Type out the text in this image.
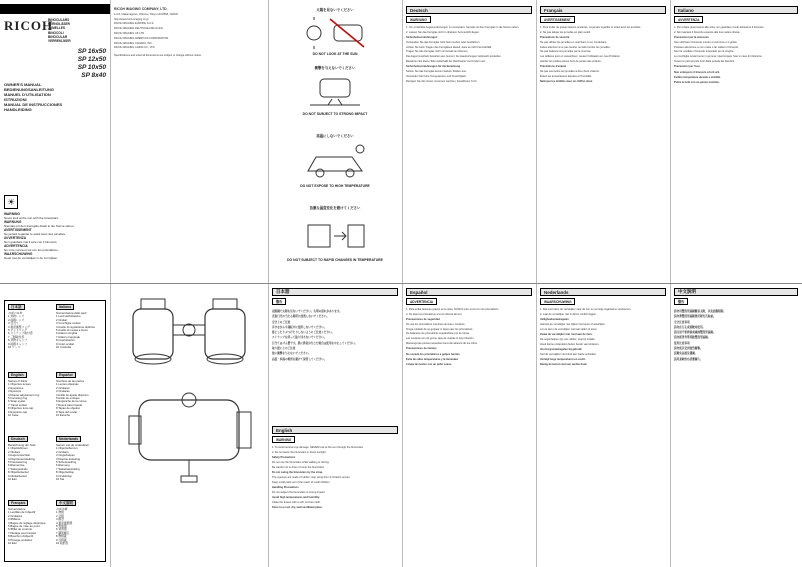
RICOH
BINOCULARS
FERNGLÄSER
JUMELLES
BINOCOLI
BINOCULAR
VERREKIJKER
SP 16x50
SP 12x50
SP 10x50
SP 8x40
OWNER'S MANUAL
BEDIENUNGSANLEITUNG
MANUEL D'UTILISATION
ISTRUZIONI
MANUAL DE INSTRUCCIONES
HANDLEIDING
☀
WARNING
Never look at the sun with the binoculars.
WARNUNG
Niemals mit dem Fernglas direkt in die Sonne sehen.
AVERTISSEMENT
Ne jamais regarder le soleil avec des jumelles.
AVVERTENZA
Non guardare mai il sole con il binocolo.
ADVERTENCIA
No mire nunca el sol con los prismáticos.
WAARSCHUWING
Nooit met de verrekijker in de zon kijken.
日本語
各部の名称
1 対物レンズ
2 接眼レンズ
3 目当て
4 視度調整リング
5 ピントリング
6 ストラップ取付部
7 三脚取付部
8 対物キャップ
9 接眼キャップ
10 ケース
Italiano
Nomenclatura delle parti
1 Lenti dell'obiettivo
2 Oculari
3 Conchiglie oculari
4 Anello di regolazione diottrica
5 Anello di messa a fuoco
6 Attacco cinghia
7 Attacco treppiede
8 Copriobiettivi
9 Copri-oculari
10 Custodia
English
Names of Parts
1 Objective lenses
2 Eyepieces
3 Eyecups
4 Diopter adjustment ring
5 Focusing ring
6 Strap eyelet
7 Tripod socket
8 Objective lens cap
9 Eyepiece cap
10 Case
Español
Nombres de las partes
1 Lentes objetivas
2 Oculares
3 Ocularas
4 Anillo de ajuste dióptrico
5 Anillo de enfoque
6 Enganche de la correa
7 Rosca para trípode
8 Tapas de objetivo
9 Tapa del ocular
10 Estuche
Deutsch
Bezeichnung der Teile
1 Objektivlinsen
2 Okulare
3 Augenmuscheln
4 Dioptrieneinstellring
5 Fokussierring
6 Riemenöse
7 Stativgewinde
8 Objektivdeckel
9 Okulardeckel
10 Etui
Nederlands
Namen van de onderdelen
1 Objectieflenzen
2 Oculairs
3 Oogschelpen
4 Dioptrie-instelring
5 Scherpstelring
6 Riemoog
7 Statiefaansluiting
8 Objectiefdop
9 Oculairdop
10 Tas
Français
Nomenclature
1 Lentilles de l'objectif
2 Oculaires
3 Œillères
4 Bague de réglage dioptrique
5 Bague de mise au point
6 Œillet de courroie
7 Filetage pour trépied
8 Bouchon d'objectif
9 Protège-oculaires
10 Étui
中文說明
各部名稱
1 物鏡
2 目鏡
3 眼罩
4 視度調節環
5 對焦環
6 背帶環
7 腳架螺孔
8 物鏡蓋
9 目鏡蓋
10 收納包

RICOH IMAGING COMPANY, LTD.

1-3-6, Nakamagome, Ohta-ku, Tokyo 143-8555, JAPAN

http://www.ricoh-imaging.co.jp

RICOH IMAGING EUROPE S.A.S.

RICOH IMAGING DEUTSCHLAND GmbH

RICOH IMAGING UK LTD.

RICOH IMAGING AMERICAS CORPORATION

RICOH IMAGING CANADA, INC.

RICOH IMAGING CHINA CO., LTD.

Specifications and external dimensions are subject to change without notice.

太陽を見ないでください
DO NOT LOOK AT THE SUN
衝撃を与えないでください
DO NOT SUBJECT TO STRONG IMPACT
高温にしないでください
DO NOT EXPOSE TO HIGH TEMPERATURE
急激な温度変化を避けてください
DO NOT SUBJECT TO RAPID CHANGES IN TEMPERATURE
日本語
警告

双眼鏡で太陽を見ないでください。失明の恐れがあります。

直射日光の当たる場所に放置しないでください。

安全上のご注意

歩きながらや運転中に使用しないでください。

落としたりぶつけたりしないようにご注意ください。

ストラップを持って振り回さないでください。

目当てはゴム製です。肌に異常が生じた場合は使用を中止してください。

取り扱い上のご注意

強い衝撃を与えないでください。

高温・多湿の場所を避けて保管してください。

English
WARNING

1. To avoid serious eye damage, NEVER look at the sun through the binoculars.

2. Do not leave the binoculars in direct sunlight.

Safety Precautions

Do not use the binoculars while walking or driving.

Be careful not to drop or bump the binoculars.

Do not swing the binoculars by the strap.

The eyecups are made of rubber; stop using them if irritation occurs.

Keep small parts out of the reach of small children.

Handling Precautions

Do not subject the binoculars to strong impact.

Avoid high temperatures and humidity.

Clean the lenses with a soft, lint-free cloth.

Store in a cool, dry, well-ventilated place.

Deutsch
WARNUNG

1. Um ernsthafte Augenverletzungen zu vermeiden, niemals mit dem Fernglas in die Sonne sehen.

2. Lassen Sie das Fernglas nicht in direktem Sonnenlicht liegen.

Sicherheitsvorkehrungen

Verwenden Sie das Fernglas nicht beim Gehen oder Autofahren.

Achten Sie beim Tragen des Fernglases darauf, dass es nicht herunterfällt.

Tragen Sie das Fernglas nicht mit Gewalt am Riemen.

Die Augenmuscheln bestehen aus Gummi; bei Hautreizungen Gebrauch einstellen.

Bewahren Sie kleine Teile außerhalb der Reichweite von Kindern auf.

Sicherheitsvorkehrungen für die Benutzung

Setzen Sie das Fernglas keinen starken Stößen aus.

Vermeiden Sie hohe Temperaturen und Feuchtigkeit.

Reinigen Sie die Linsen mit einem weichen, fusselfreien Tuch.

Español
ADVERTENCIA

1. Para evitar lesiones graves en la vista, NUNCA mire el sol con los prismáticos.

2. No deje los prismáticos a la luz directa del sol.

Precauciones de seguridad

No use los prismáticos mientras camina o conduce.

Tenga cuidado de no golpear ni dejar caer los prismáticos.

No balancee los prismáticos sujetándolos por la correa.

Las ocularas son de goma; deje de usarlas si hay irritación.

Mantenga las piezas pequeñas fuera del alcance de los niños.

Precauciones de manejo

No someta los prismáticos a golpes fuertes.

Evite las altas temperaturas y la humedad.

Limpie las lentes con un paño suave.

Français
AVERTISSEMENT

1. Pour éviter de graves lésions oculaires, ne jamais regarder le soleil avec les jumelles.

2. Ne pas laisser les jumelles en plein soleil.

Précautions de sécurité

Ne pas utiliser les jumelles en marchant ou en conduisant.

Faites attention à ne pas heurter ou faire tomber les jumelles.

Ne pas balancer les jumelles par la courroie.

Les œillères sont en caoutchouc; cessez l'utilisation en cas d'irritation.

Gardez les petites pièces hors de portée des enfants.

Précautions d'emploi

Ne pas soumettre les jumelles à des chocs violents.

Évitez les températures élevées et l'humidité.

Nettoyez les lentilles avec un chiffon doux.

Nederlands
WAARSCHUWING

1. Kijk nooit door de verrekijker naar de zon om ernstig oogletsel te voorkomen.

2. Laat de verrekijker niet in direct zonlicht liggen.

Veiligheidsmaatregelen

Gebruik de verrekijker niet tijdens het lopen of autorijden.

Let op dat u de verrekijker niet laat vallen of stoot.

Zwaai de verrekijker niet rond aan de riem.

De oogschelpen zijn van rubber; stop bij irritatie.

Houd kleine onderdelen buiten bereik van kinderen.

Voorzorgsmaatregelen bij gebruik

Stel de verrekijker niet bloot aan harde schokken.

Vermijd hoge temperaturen en vocht.

Reinig de lenzen met een zachte doek.

Italiano
AVVERTENZA

1. Per evitare gravi lesioni alla vista, non guardare il sole attraverso il binocolo.

2. Non lasciare il binocolo esposto alla luce solare diretta.

Precauzioni per la sicurezza

Non utilizzare il binocolo mentre si cammina o si guida.

Prestare attenzione a non urtare o far cadere il binocolo.

Non far oscillare il binocolo tenendolo per la cinghia.

Le conchiglie oculari sono in gomma; interrompere l'uso in caso di irritazione.

Tenere le parti piccole fuori dalla portata dei bambini.

Precauzioni per l'uso

Non sottoporre il binocolo a forti urti.

Evitare temperature elevate e umidità.

Pulire le lenti con un panno morbido.

中文說明
警告

請勿用雙筒望遠鏡觀看太陽，以免損傷眼睛。

請勿將雙筒望遠鏡置於陽光直射處。

安全注意事項

請勿在行走或駕駛時使用。

請注意不要摔落或碰撞雙筒望遠鏡。

請勿抓著背帶甩動雙筒望遠鏡。

使用注意事項

請勿使其受到強烈衝擊。

請避免高溫及潮濕。

請用柔軟的布清潔鏡片。
